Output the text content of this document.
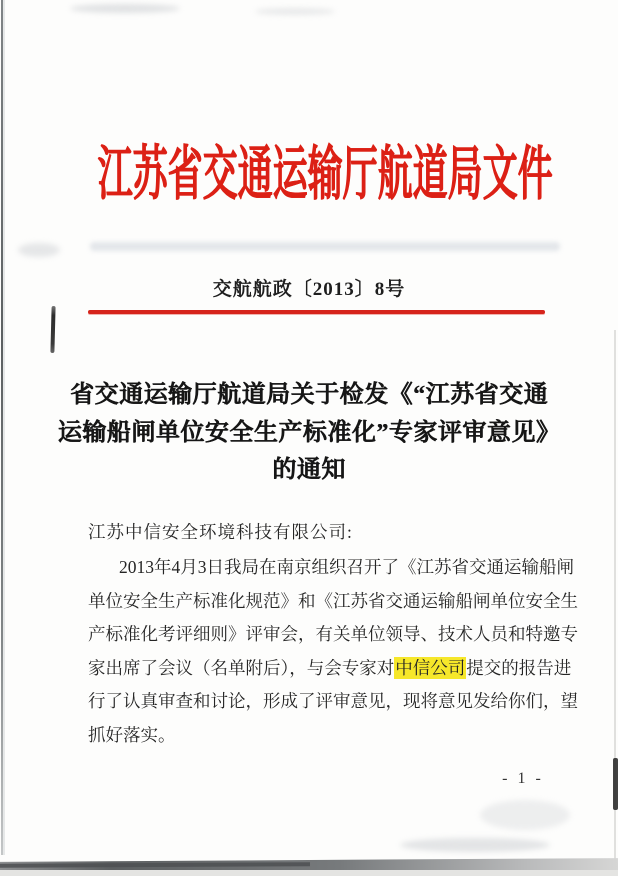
江苏省交通运输厅航道局文件
交航航政〔2013〕8号
省交通运输厅航道局关于检发《“江苏省交通
运输船闸单位安全生产标准化”专家评审意见》
的通知
江苏中信安全环境科技有限公司:
2013年4月3日我局在南京组织召开了《江苏省交通运输船闸
单位安全生产标准化规范》和《江苏省交通运输船闸单位安全生
产标准化考评细则》评审会，有关单位领导、技术人员和特邀专
家出席了会议（名单附后），与会专家对中信公司提交的报告进
行了认真审查和讨论，形成了评审意见，现将意见发给你们，望
抓好落实。
- 1 -
